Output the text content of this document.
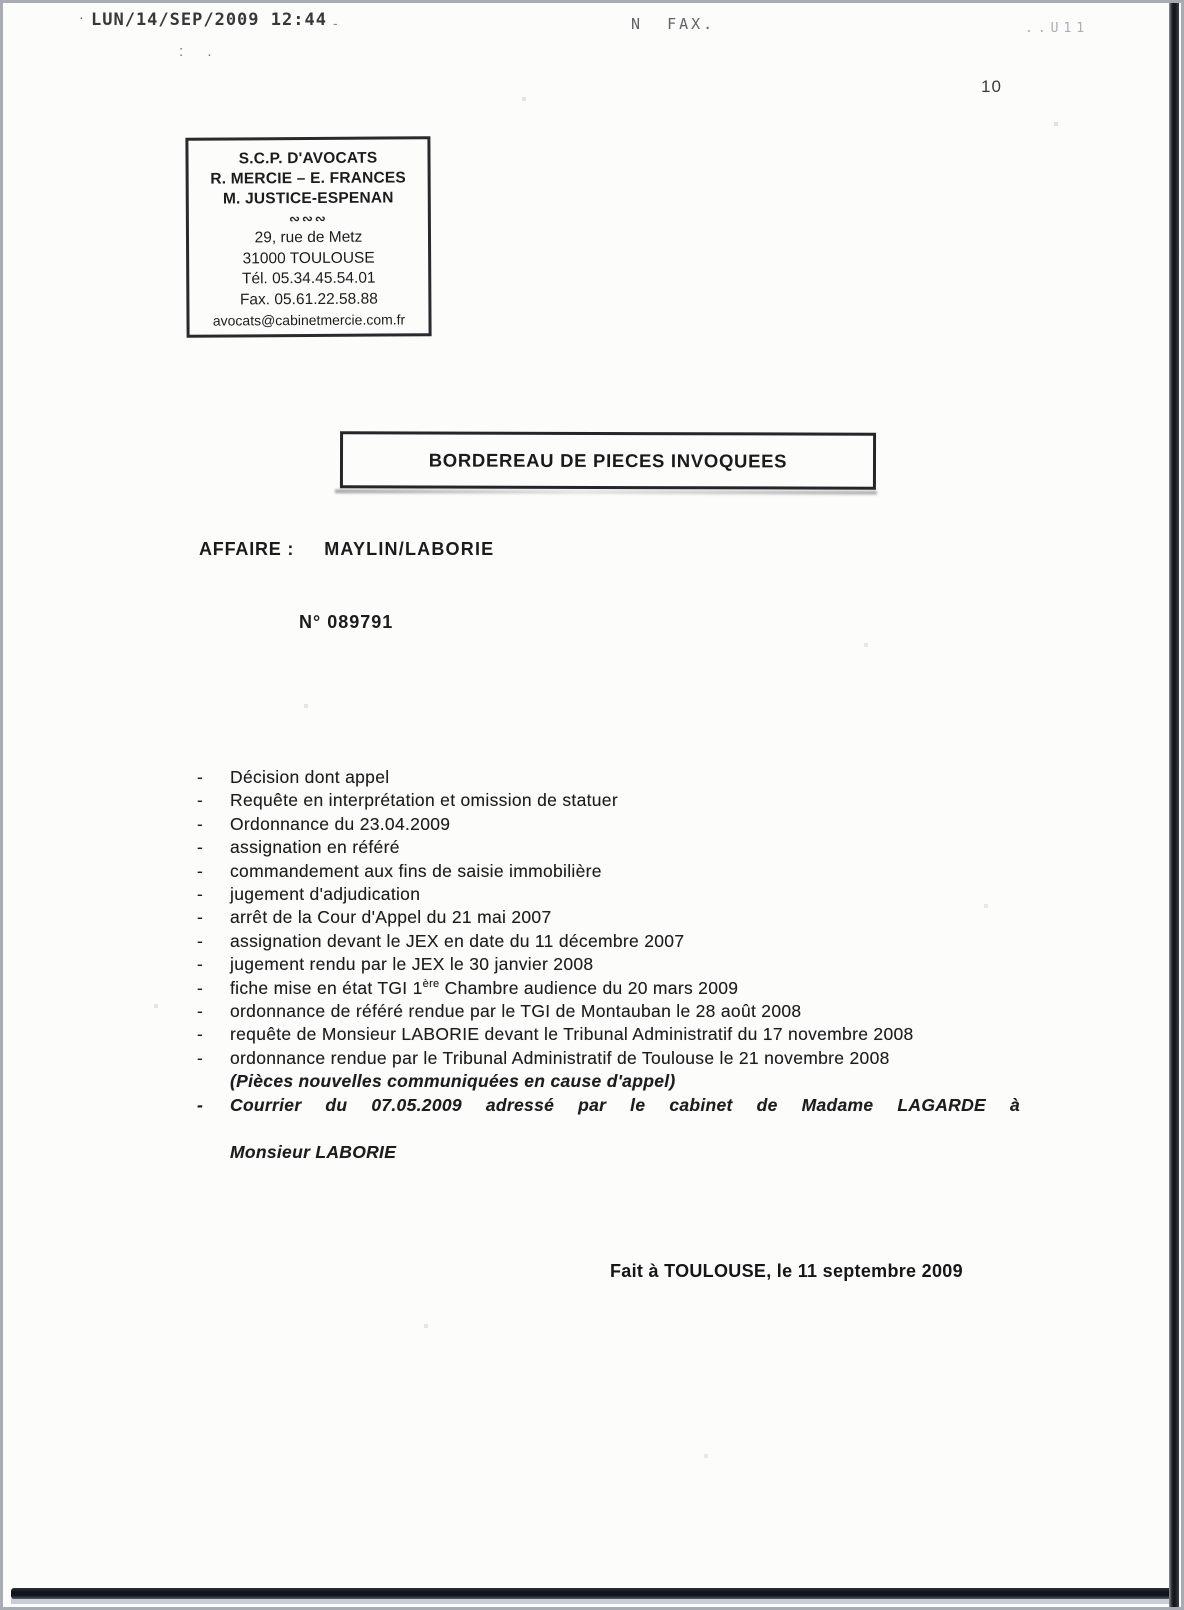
· LUN/14/SEP/2009 12:44 -
: .
N  FAX.	..U11
10
S.C.P. D'AVOCATS
R. MERCIE – E. FRANCES
M. JUSTICE-ESPENAN
∾∾∾
29, rue de Metz
31000 TOULOUSE
Tél. 05.34.45.54.01
Fax. 05.61.22.58.88
avocats@cabinetmercie.com.fr
BORDEREAU DE PIECES INVOQUEES
AFFAIRE : MAYLIN/LABORIE
N° 089791
- Décision dont appel
- Requête en interprétation et omission de statuer
- Ordonnance du 23.04.2009
- assignation en référé
- commandement aux fins de saisie immobilière
- jugement d'adjudication
- arrêt de la Cour d'Appel du 21 mai 2007
- assignation devant le JEX en date du 11 décembre 2007
- jugement rendu par le JEX le 30 janvier 2008
- fiche mise en état TGI 1ère Chambre audience du 20 mars 2009
- ordonnance de référé rendue par le TGI de Montauban le 28 août 2008
- requête de Monsieur LABORIE devant le Tribunal Administratif du 17 novembre 2008
- ordonnance rendue par le Tribunal Administratif de Toulouse le 21 novembre 2008
(Pièces nouvelles communiquées en cause d'appel)
- Courrier du 07.05.2009 adressé par le cabinet de Madame LAGARDE à
Monsieur LABORIE
Fait à TOULOUSE, le 11 septembre 2009
